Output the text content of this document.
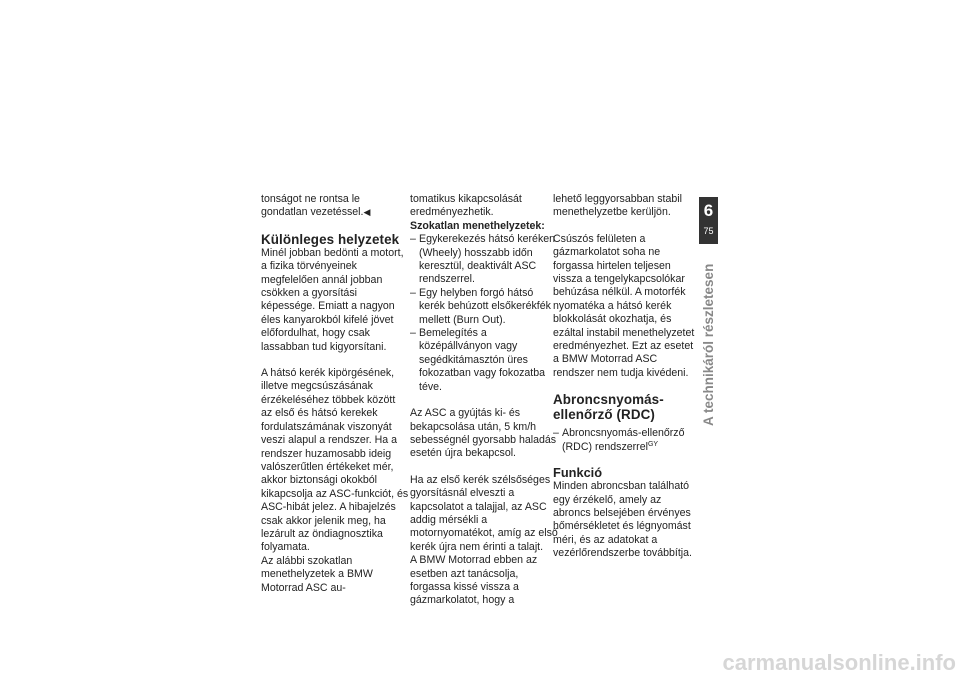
tonságot ne rontsa le gondatlan vezetéssel.◀

Különleges helyzetek

Minél jobban bedönti a motort, a fizika törvényeinek megfelelően annál jobban csökken a gyorsítási képessége. Emiatt a nagyon éles kanyarokból kifelé jövet előfordulhat, hogy csak lassabban tud kigyorsítani.

A hátsó kerék kipörgésének, illetve megcsúszásának érzékeléséhez többek között az első és hátsó kerekek fordulatszámának viszonyát veszi alapul a rendszer. Ha a rendszer huzamosabb ideig valószerűtlen értékeket mér, akkor biztonsági okokból kikapcsolja az ASC-funkciót, és ASC-hibát jelez. A hibajelzés csak akkor jelenik meg, ha lezárult az öndiagnosztika folyamata.

Az alábbi szokatlan menethelyzetek a BMW Motorrad ASC au-

tomatikus kikapcsolását eredményezhetik.

Szokatlan menethelyzetek:
– Egykerekezés hátsó keréken (Wheely) hosszabb időn keresztül, deaktivált ASC rendszerrel.
– Egy helyben forgó hátsó kerék behúzott elsőkerékfék mellett (Burn Out).
– Bemelegítés a középállványon vagy segédkitámasztón üres fokozatban vagy fokozatba téve.

Az ASC a gyújtás ki- és bekapcsolása után, 5 km/h sebességnél gyorsabb haladás esetén újra bekapcsol.

Ha az első kerék szélsőséges gyorsításnál elveszti a kapcsolatot a talajjal, az ASC addig mérsékli a motornyomatékot, amíg az első kerék újra nem érinti a talajt.

A BMW Motorrad ebben az esetben azt tanácsolja, forgassa kissé vissza a gázmarkolatot, hogy a

lehető leggyorsabban stabil menethelyzetbe kerüljön.

Csúszós felületen a gázmarkolatot soha ne forgassa hirtelen teljesen vissza a tengelykapcsolókar behúzása nélkül. A motorfék nyomatéka a hátsó kerék blokkolását okozhatja, és ezáltal instabil menethelyzetet eredményezhet. Ezt az esetet a BMW Motorrad ASC rendszer nem tudja kivédeni.

Abroncsnyomás-ellenőrző (RDC)
– Abroncsnyomás-ellenőrző (RDC) rendszerrel$^{GY}$
Funkció

Minden abroncsban található egy érzékelő, amely az abroncs belsejében érvényes hőmérsékletet és légnyomást méri, és az adatokat a vezérlőrendszerbe továbbítja.

6
75
A technikáról részletesen
carmanualsonline.info
